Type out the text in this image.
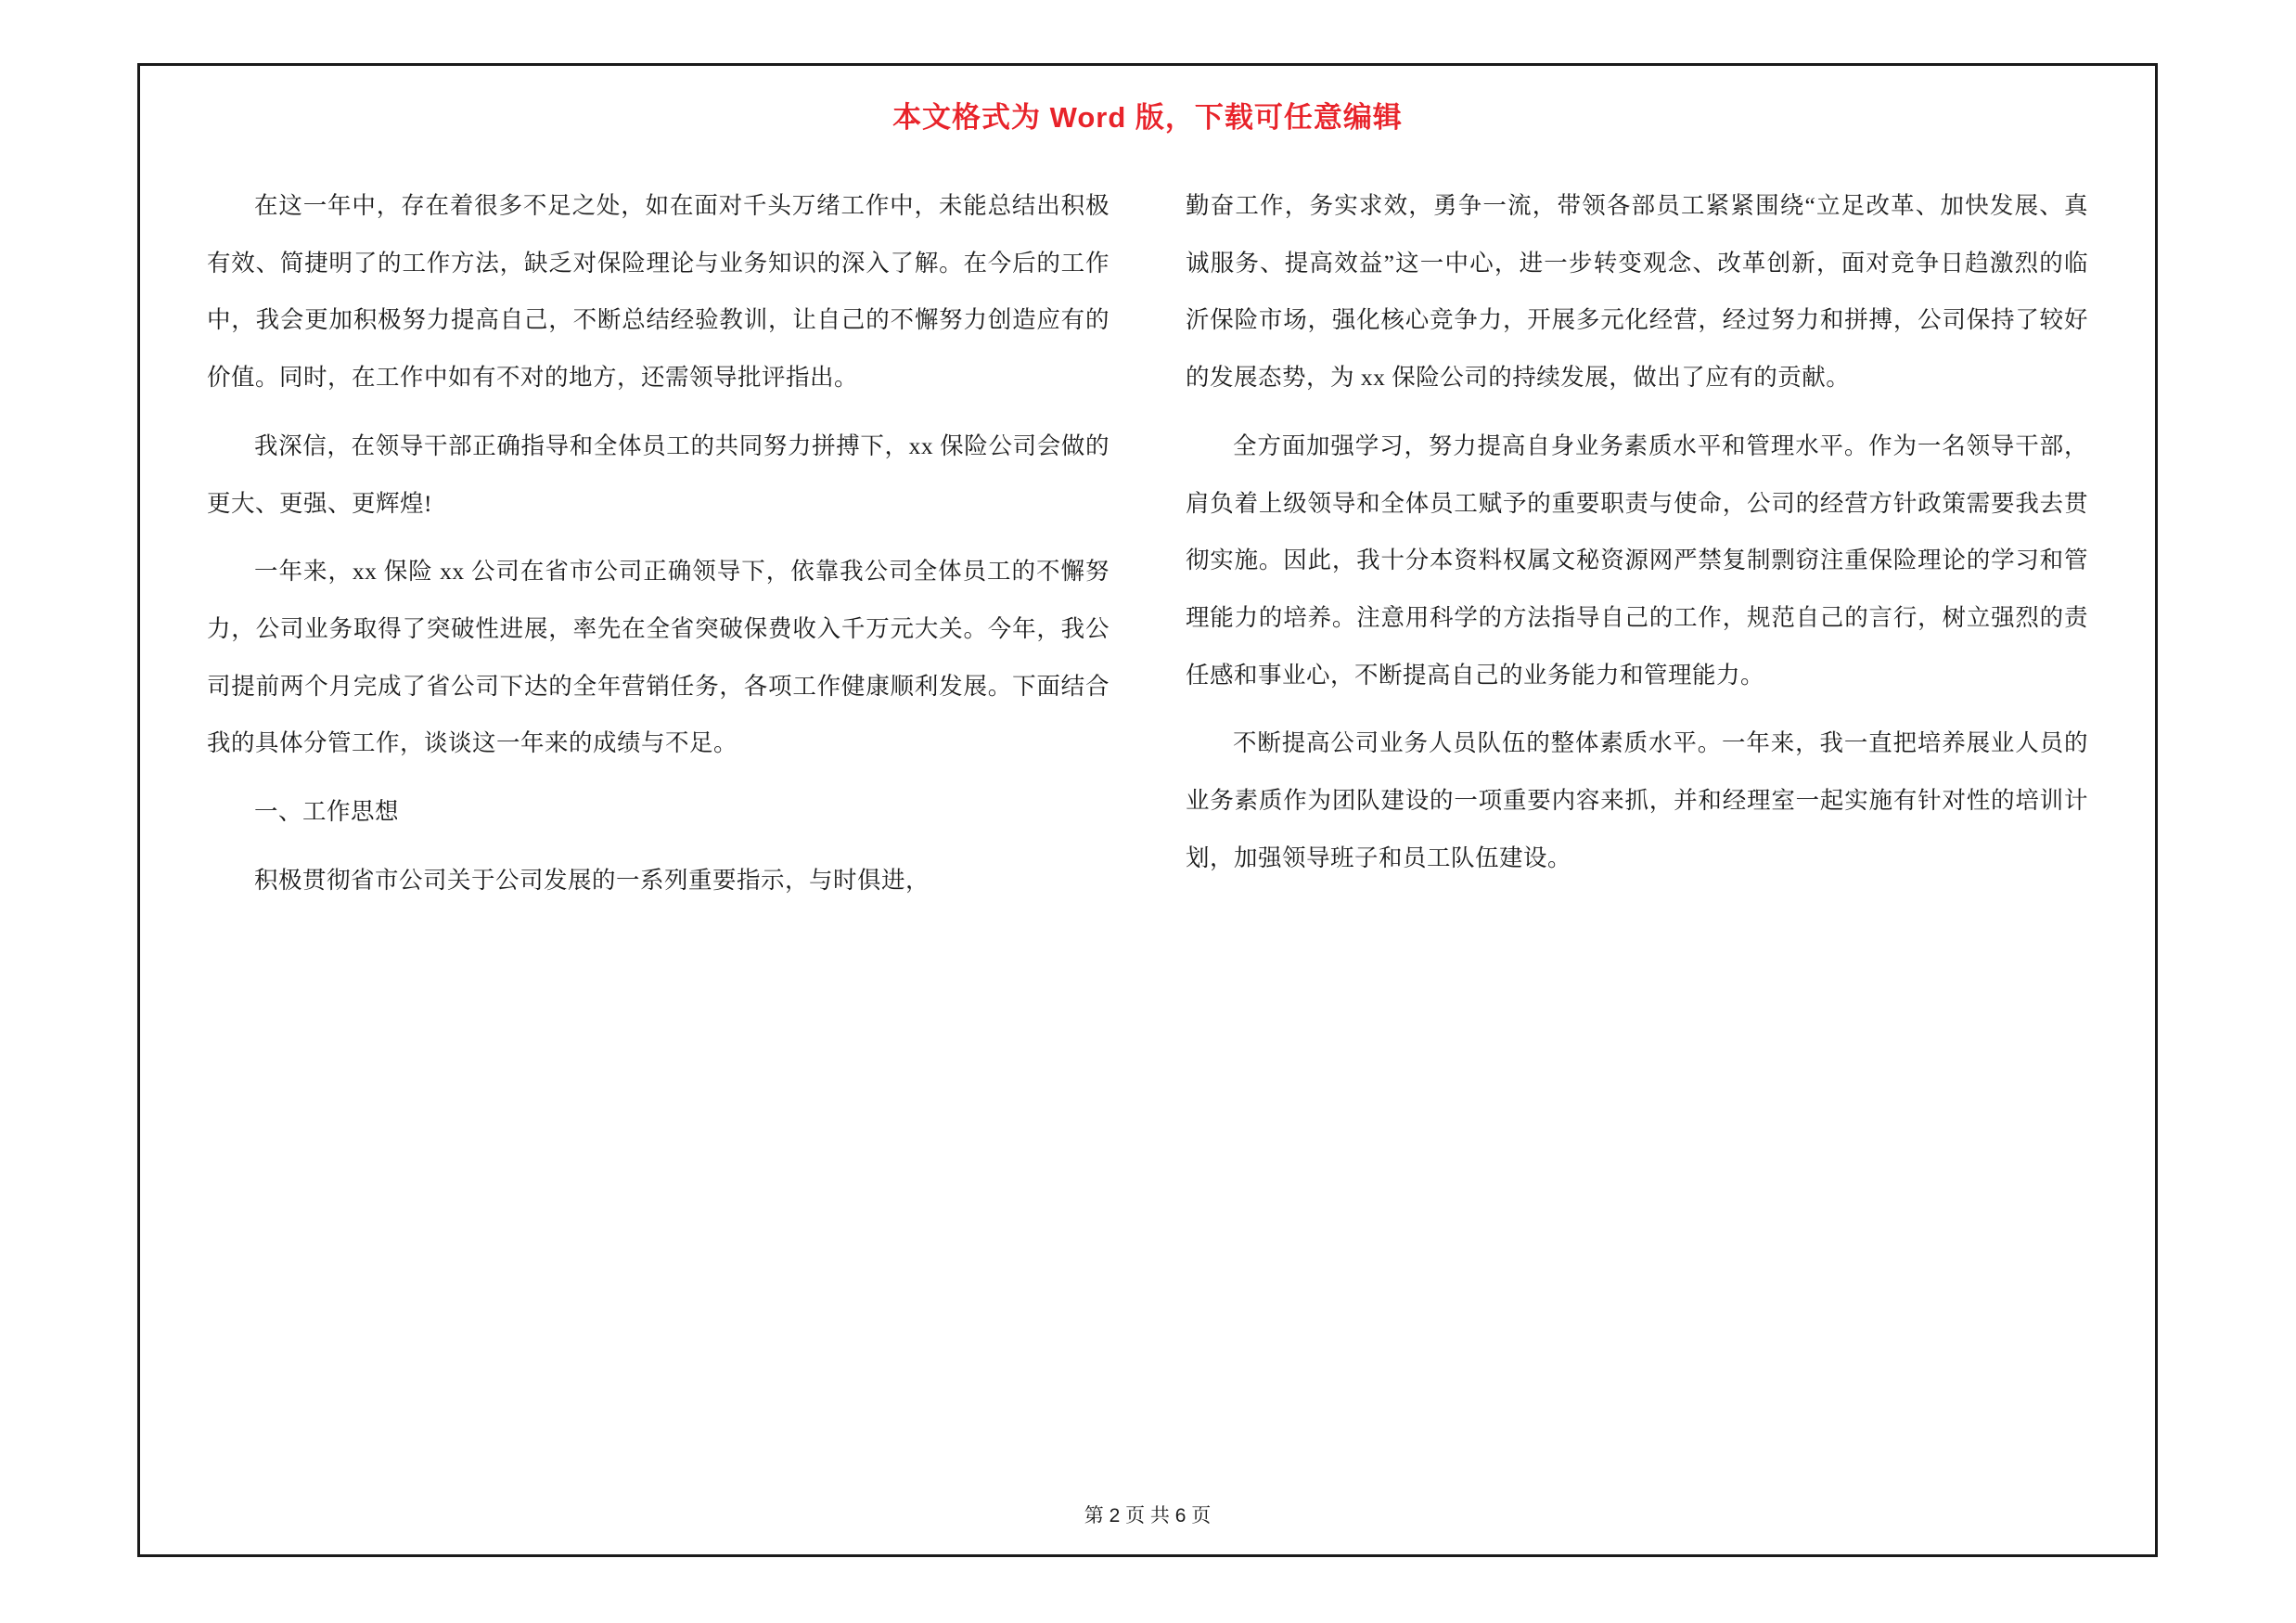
本文格式为 Word 版，下载可任意编辑

在这一年中，存在着很多不足之处，如在面对千头万绪工作中，未能总结出积极有效、简捷明了的工作方法，缺乏对保险理论与业务知识的深入了解。在今后的工作中，我会更加积极努力提高自己，不断总结经验教训，让自己的不懈努力创造应有的价值。同时，在工作中如有不对的地方，还需领导批评指出。

我深信，在领导干部正确指导和全体员工的共同努力拼搏下，xx 保险公司会做的更大、更强、更辉煌!

一年来，xx 保险 xx 公司在省市公司正确领导下，依靠我公司全体员工的不懈努力，公司业务取得了突破性进展，率先在全省突破保费收入千万元大关。今年，我公司提前两个月完成了省公司下达的全年营销任务，各项工作健康顺利发展。下面结合我的具体分管工作，谈谈这一年来的成绩与不足。

一、工作思想

积极贯彻省市公司关于公司发展的一系列重要指示，与时俱进，

勤奋工作，务实求效，勇争一流，带领各部员工紧紧围绕“立足改革、加快发展、真诚服务、提高效益”这一中心，进一步转变观念、改革创新，面对竞争日趋激烈的临沂保险市场，强化核心竞争力，开展多元化经营，经过努力和拼搏，公司保持了较好的发展态势，为 xx 保险公司的持续发展，做出了应有的贡献。

全方面加强学习，努力提高自身业务素质水平和管理水平。作为一名领导干部，肩负着上级领导和全体员工赋予的重要职责与使命，公司的经营方针政策需要我去贯彻实施。因此，我十分本资料权属文秘资源网严禁复制剽窃注重保险理论的学习和管理能力的培养。注意用科学的方法指导自己的工作，规范自己的言行，树立强烈的责任感和事业心，不断提高自己的业务能力和管理能力。

不断提高公司业务人员队伍的整体素质水平。一年来，我一直把培养展业人员的业务素质作为团队建设的一项重要内容来抓，并和经理室一起实施有针对性的培训计划，加强领导班子和员工队伍建设。

第 2 页 共 6 页
